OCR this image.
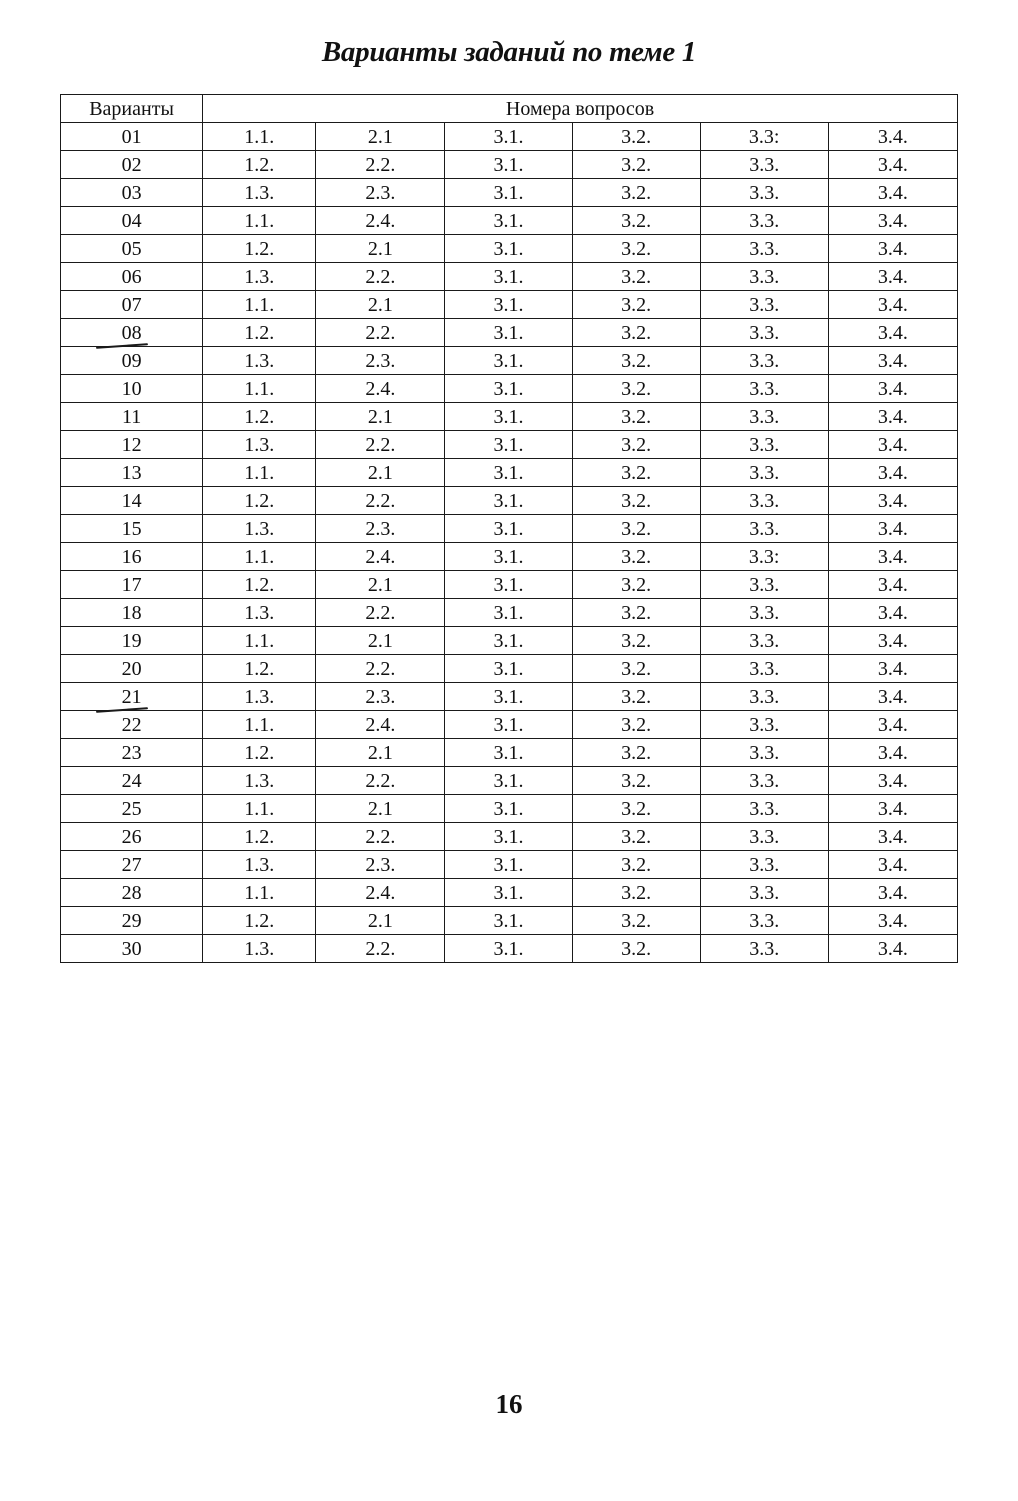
Варианты заданий по теме 1
Варианты	Номера вопросов					
01	1.1.	2.1	3.1.	3.2.	3.3:	3.4.
02	1.2.	2.2.	3.1.	3.2.	3.3.	3.4.
03	1.3.	2.3.	3.1.	3.2.	3.3.	3.4.
04	1.1.	2.4.	3.1.	3.2.	3.3.	3.4.
05	1.2.	2.1	3.1.	3.2.	3.3.	3.4.
06	1.3.	2.2.	3.1.	3.2.	3.3.	3.4.
07	1.1.	2.1	3.1.	3.2.	3.3.	3.4.
08	1.2.	2.2.	3.1.	3.2.	3.3.	3.4.
09	1.3.	2.3.	3.1.	3.2.	3.3.	3.4.
10	1.1.	2.4.	3.1.	3.2.	3.3.	3.4.
11	1.2.	2.1	3.1.	3.2.	3.3.	3.4.
12	1.3.	2.2.	3.1.	3.2.	3.3.	3.4.
13	1.1.	2.1	3.1.	3.2.	3.3.	3.4.
14	1.2.	2.2.	3.1.	3.2.	3.3.	3.4.
15	1.3.	2.3.	3.1.	3.2.	3.3.	3.4.
16	1.1.	2.4.	3.1.	3.2.	3.3:	3.4.
17	1.2.	2.1	3.1.	3.2.	3.3.	3.4.
18	1.3.	2.2.	3.1.	3.2.	3.3.	3.4.
19	1.1.	2.1	3.1.	3.2.	3.3.	3.4.
20	1.2.	2.2.	3.1.	3.2.	3.3.	3.4.
21	1.3.	2.3.	3.1.	3.2.	3.3.	3.4.
22	1.1.	2.4.	3.1.	3.2.	3.3.	3.4.
23	1.2.	2.1	3.1.	3.2.	3.3.	3.4.
24	1.3.	2.2.	3.1.	3.2.	3.3.	3.4.
25	1.1.	2.1	3.1.	3.2.	3.3.	3.4.
26	1.2.	2.2.	3.1.	3.2.	3.3.	3.4.
27	1.3.	2.3.	3.1.	3.2.	3.3.	3.4.
28	1.1.	2.4.	3.1.	3.2.	3.3.	3.4.
29	1.2.	2.1	3.1.	3.2.	3.3.	3.4.
30	1.3.	2.2.	3.1.	3.2.	3.3.	3.4.
16
